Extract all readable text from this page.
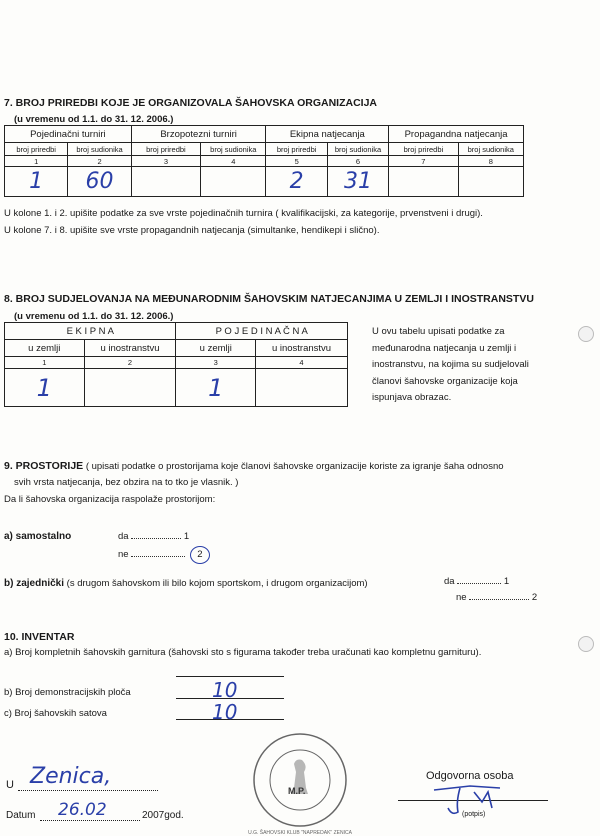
7. BROJ PRIREDBI KOJE JE ORGANIZOVALA ŠAHOVSKA ORGANIZACIJA
(u vremenu od 1.1. do 31. 12. 2006.)
Pojedinačni turniri		Brzopotezni turniri		Ekipna natjecanja		Propagandna natjecanja	
broj priredbi	broj sudionika	broj priredbi	broj sudionika	broj priredbi	broj sudionika	broj priredbi	broj sudionika
1	2	3	4	5	6	7	8
1	60			2	31		
U kolone 1. i 2. upišite podatke za sve vrste pojedinačnih turnira ( kvalifikacijski, za kategorije, prvenstveni i drugi).
U kolone 7. i 8. upišite sve vrste propagandnih natjecanja (simultanke, hendikepi i slično).
8. BROJ SUDJELOVANJA NA MEĐUNARODNIM ŠAHOVSKIM NATJECANJIMA U ZEMLJI I INOSTRANSTVU
(u vremenu od 1.1. do 31. 12. 2006.)
E K I P N A		P O J E D I N A Č N A	
u zemlji	u inostranstvu	u zemlji	u inostranstvu
1	2	3	4
1		1	
U ovu tabelu upisati podatke za
međunarodna natjecanja u zemlji i
inostranstvu, na kojima su sudjelovali
članovi šahovske organizacije koja
ispunjava obrazac.
9. PROSTORIJE ( upisati podatke o prostorijama koje članovi šahovske organizacije koriste za igranje šaha odnosno
svih vrsta natjecanja, bez obzira na to tko je vlasnik. )
Da li šahovska organizacija raspolaže prostorijom:
a) samostalno	da	1
ne	2
b) zajednički (s drugom šahovskom ili bilo kojom sportskom, i drugom organizacijom)	da	1
ne	2
10. INVENTAR
a) Broj kompletnih šahovskih garnitura (šahovski sto s figurama također treba uračunati kao kompletnu garnituru).
b) Broj demonstracijskih ploča	10
c) Broj šahovskih satova	10
M.P.
U.G. ŠAHOVSKI KLUB "NAPREDAK" ZENICA
U Zenica,
Datum 26.02	2007god.
Odgovorna osoba
(potpis)
